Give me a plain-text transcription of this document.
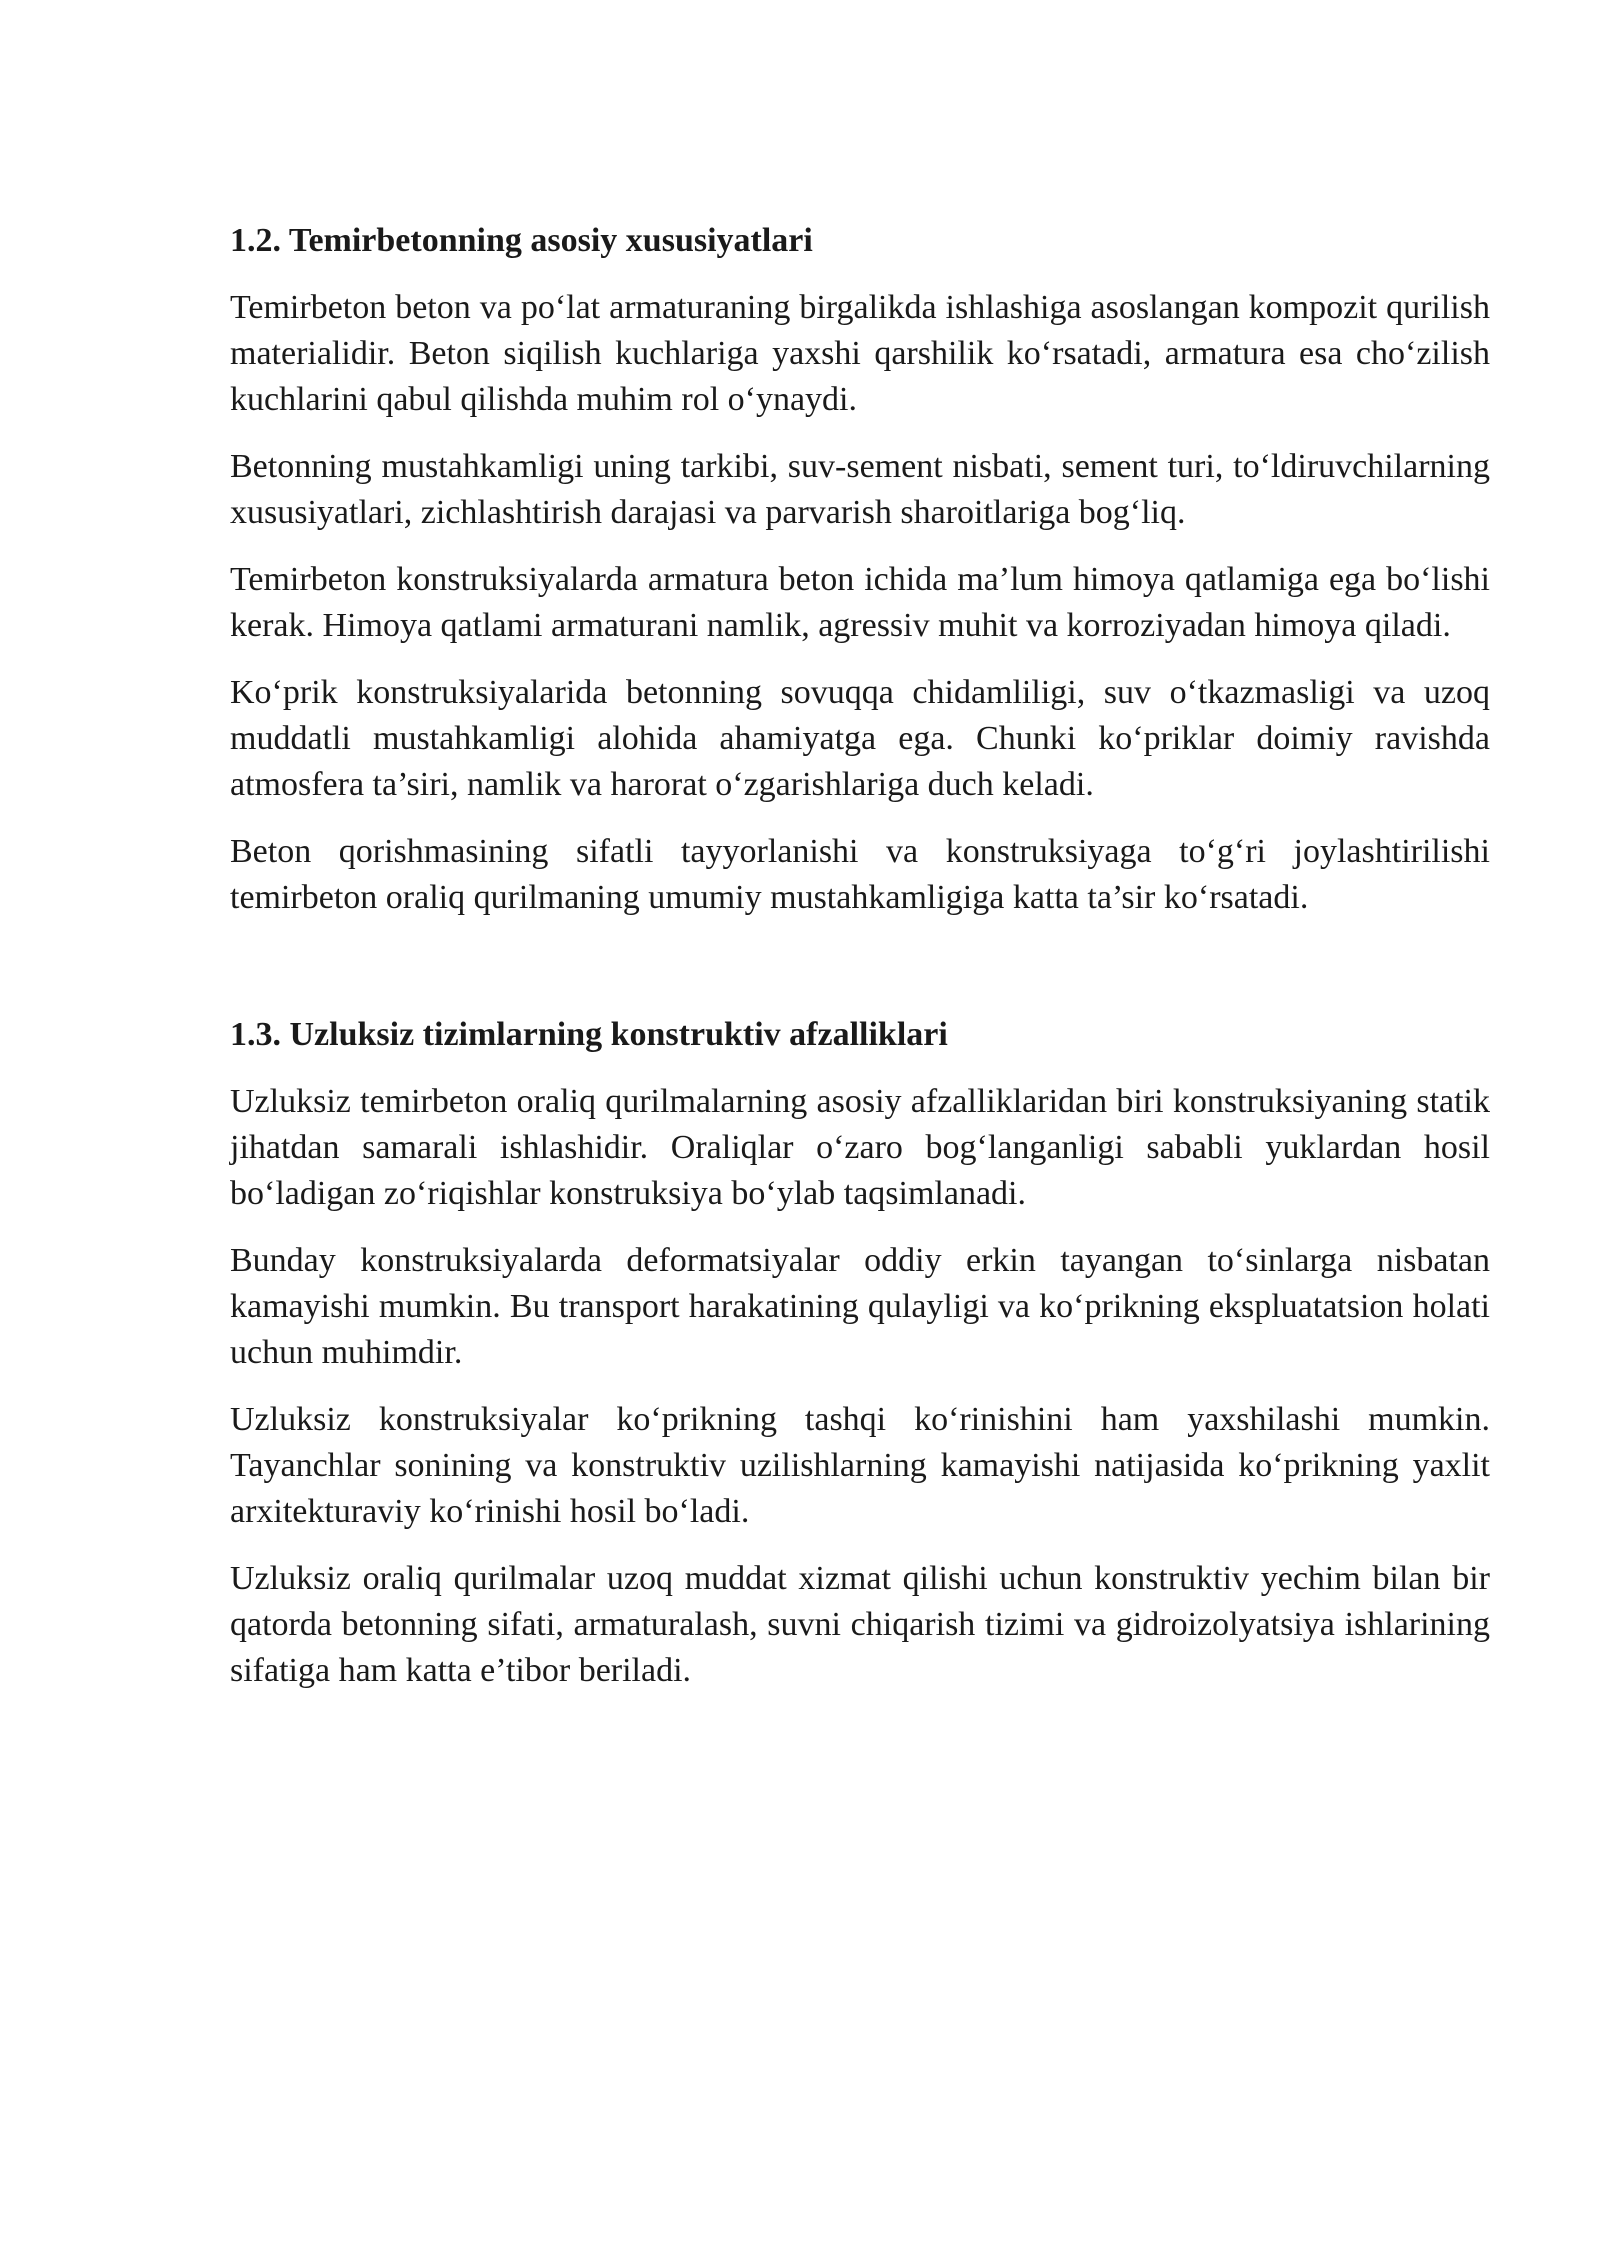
1.2. Temirbetonning asosiy xususiyatlari

Temirbeton beton va po‘lat armaturaning birgalikda ishlashiga asoslangan kompozit qurilish materialidir. Beton siqilish kuchlariga yaxshi qarshilik ko‘rsatadi, armatura esa cho‘zilish kuchlarini qabul qilishda muhim rol o‘ynaydi.

Betonning mustahkamligi uning tarkibi, suv-sement nisbati, sement turi, to‘ldiruvchilarning xususiyatlari, zichlashtirish darajasi va parvarish sharoitlariga bog‘liq.

Temirbeton konstruksiyalarda armatura beton ichida ma’lum himoya qatlamiga ega bo‘lishi kerak. Himoya qatlami armaturani namlik, agressiv muhit va korroziyadan himoya qiladi.

Ko‘prik konstruksiyalarida betonning sovuqqa chidamliligi, suv o‘tkazmasligi va uzoq muddatli mustahkamligi alohida ahamiyatga ega. Chunki ko‘priklar doimiy ravishda atmosfera ta’siri, namlik va harorat o‘zgarishlariga duch keladi.

Beton qorishmasining sifatli tayyorlanishi va konstruksiyaga to‘g‘ri joylashtirilishi temirbeton oraliq qurilmaning umumiy mustahkamligiga katta ta’sir ko‘rsatadi.

1.3. Uzluksiz tizimlarning konstruktiv afzalliklari

Uzluksiz temirbeton oraliq qurilmalarning asosiy afzalliklaridan biri konstruksiyaning statik jihatdan samarali ishlashidir. Oraliqlar o‘zaro bog‘langanligi sababli yuklardan hosil bo‘ladigan zo‘riqishlar konstruksiya bo‘ylab taqsimlanadi.

Bunday konstruksiyalarda deformatsiyalar oddiy erkin tayangan to‘sinlarga nisbatan kamayishi mumkin. Bu transport harakatining qulayligi va ko‘prikning ekspluatatsion holati uchun muhimdir.

Uzluksiz konstruksiyalar ko‘prikning tashqi ko‘rinishini ham yaxshilashi mumkin. Tayanchlar sonining va konstruktiv uzilishlarning kamayishi natijasida ko‘prikning yaxlit arxitekturaviy ko‘rinishi hosil bo‘ladi.

Uzluksiz oraliq qurilmalar uzoq muddat xizmat qilishi uchun konstruktiv yechim bilan bir qatorda betonning sifati, armaturalash, suvni chiqarish tizimi va gidroizolyatsiya ishlarining sifatiga ham katta e’tibor beriladi.
